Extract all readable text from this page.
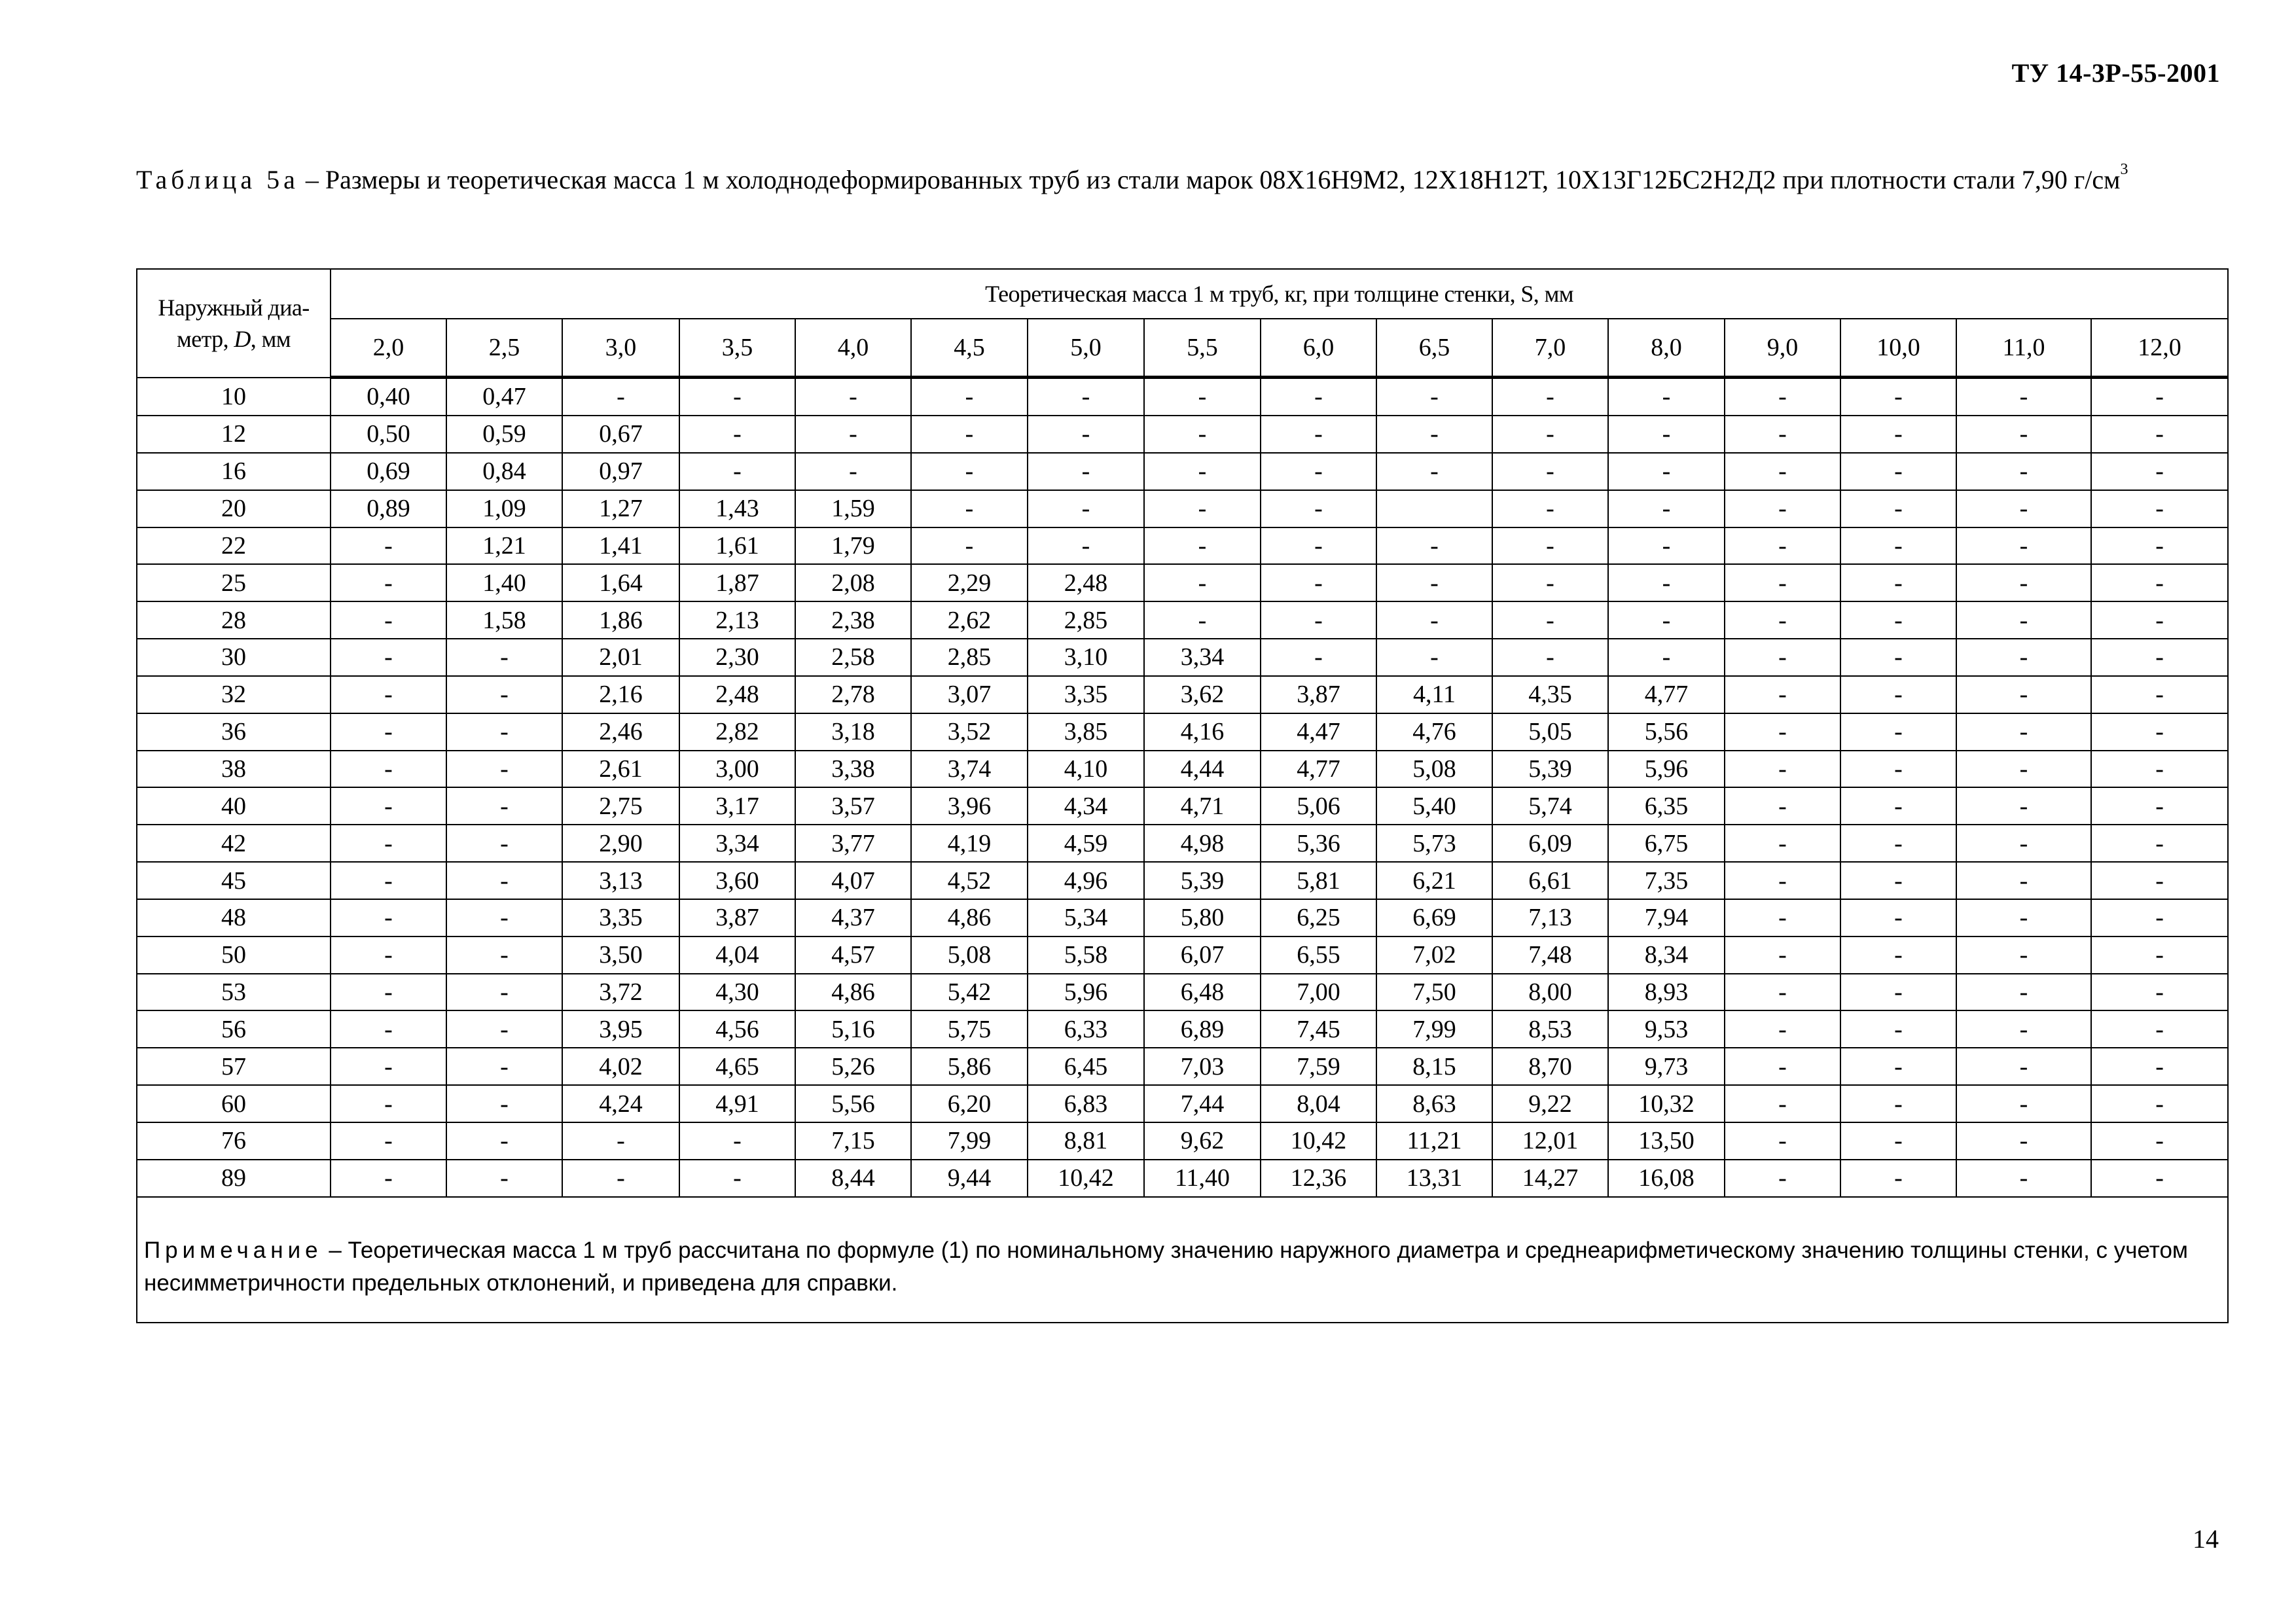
ТУ 14-3Р-55-2001
Таблица 5а – Размеры и теоретическая масса 1 м холоднодеформированных труб из стали марок 08Х16Н9М2, 12Х18Н12Т, 10Х13Г12БС2Н2Д2 при плотности стали 7,90 $г/см^3$
Наружный диа-
метр, D, мм	Теоретическая масса 1 м труб, кг, при толщине стенки, S, мм															
	2,0	2,5	3,0	3,5	4,0	4,5	5,0	5,5	6,0	6,5	7,0	8,0	9,0	10,0	11,0	12,0
10	0,40	0,47	-	-	-	-	-	-	-	-	-	-	-	-	-	-
12	0,50	0,59	0,67	-	-	-	-	-	-	-	-	-	-	-	-	-
16	0,69	0,84	0,97	-	-	-	-	-	-	-	-	-	-	-	-	-
20	0,89	1,09	1,27	1,43	1,59	-	-	-	-		-	-	-	-	-	-
22	-	1,21	1,41	1,61	1,79	-	-	-	-	-	-	-	-	-	-	-
25	-	1,40	1,64	1,87	2,08	2,29	2,48	-	-	-	-	-	-	-	-	-
28	-	1,58	1,86	2,13	2,38	2,62	2,85	-	-	-	-	-	-	-	-	-
30	-	-	2,01	2,30	2,58	2,85	3,10	3,34	-	-	-	-	-	-	-	-
32	-	-	2,16	2,48	2,78	3,07	3,35	3,62	3,87	4,11	4,35	4,77	-	-	-	-
36	-	-	2,46	2,82	3,18	3,52	3,85	4,16	4,47	4,76	5,05	5,56	-	-	-	-
38	-	-	2,61	3,00	3,38	3,74	4,10	4,44	4,77	5,08	5,39	5,96	-	-	-	-
40	-	-	2,75	3,17	3,57	3,96	4,34	4,71	5,06	5,40	5,74	6,35	-	-	-	-
42	-	-	2,90	3,34	3,77	4,19	4,59	4,98	5,36	5,73	6,09	6,75	-	-	-	-
45	-	-	3,13	3,60	4,07	4,52	4,96	5,39	5,81	6,21	6,61	7,35	-	-	-	-
48	-	-	3,35	3,87	4,37	4,86	5,34	5,80	6,25	6,69	7,13	7,94	-	-	-	-
50	-	-	3,50	4,04	4,57	5,08	5,58	6,07	6,55	7,02	7,48	8,34	-	-	-	-
53	-	-	3,72	4,30	4,86	5,42	5,96	6,48	7,00	7,50	8,00	8,93	-	-	-	-
56	-	-	3,95	4,56	5,16	5,75	6,33	6,89	7,45	7,99	8,53	9,53	-	-	-	-
57	-	-	4,02	4,65	5,26	5,86	6,45	7,03	7,59	8,15	8,70	9,73	-	-	-	-
60	-	-	4,24	4,91	5,56	6,20	6,83	7,44	8,04	8,63	9,22	10,32	-	-	-	-
76	-	-	-	-	7,15	7,99	8,81	9,62	10,42	11,21	12,01	13,50	-	-	-	-
89	-	-	-	-	8,44	9,44	10,42	11,40	12,36	13,31	14,27	16,08	-	-	-	-
Примечание – Теоретическая масса 1 м труб рассчитана по формуле (1) по номинальному значению наружного диаметра и среднеарифметическому значению толщины стенки, с учетом несимметричности предельных отклонений, и приведена для справки.																
14
